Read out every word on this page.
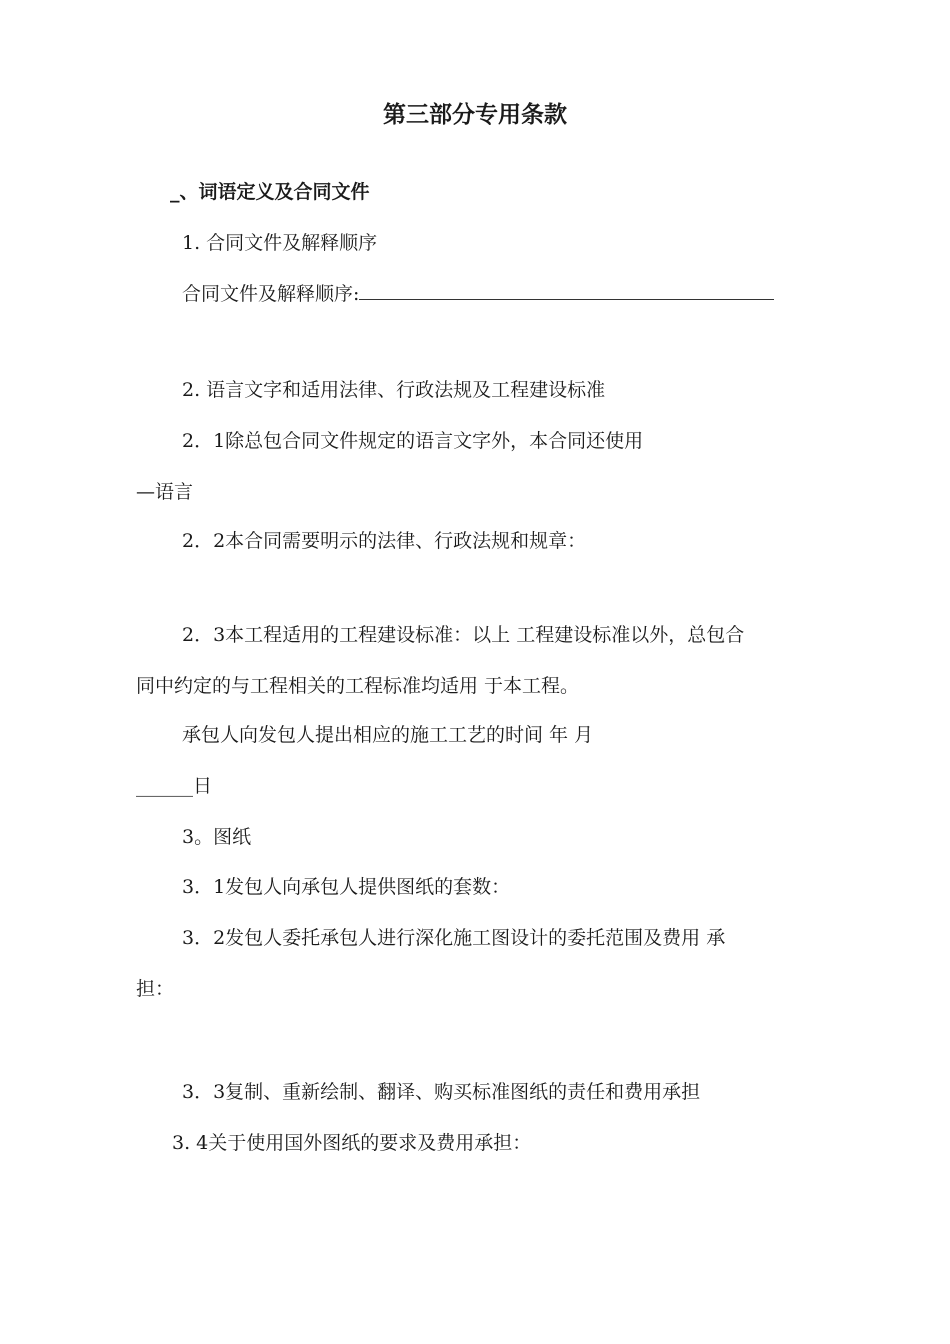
第三部分专用条款
_、词语定义及合同文件
1. 合同文件及解释顺序
合同文件及解释顺序:
2. 语言文字和适用法律、行政法规及工程建设标准
2．1除总包合同文件规定的语言文字外，本合同还使用
—语言
2．2本合同需要明示的法律、行政法规和规章：
2．3本工程适用的工程建设标准：以上 工程建设标准以外，总包合
同中约定的与工程相关的工程标准均适用 于本工程。
承包人向发包人提出相应的施工工艺的时间 年 月
______日
3。图纸
3．1发包人向承包人提供图纸的套数：
3．2发包人委托承包人进行深化施工图设计的委托范围及费用 承
担：
3．3复制、重新绘制、翻译、购买标准图纸的责任和费用承担
3. 4关于使用国外图纸的要求及费用承担：
